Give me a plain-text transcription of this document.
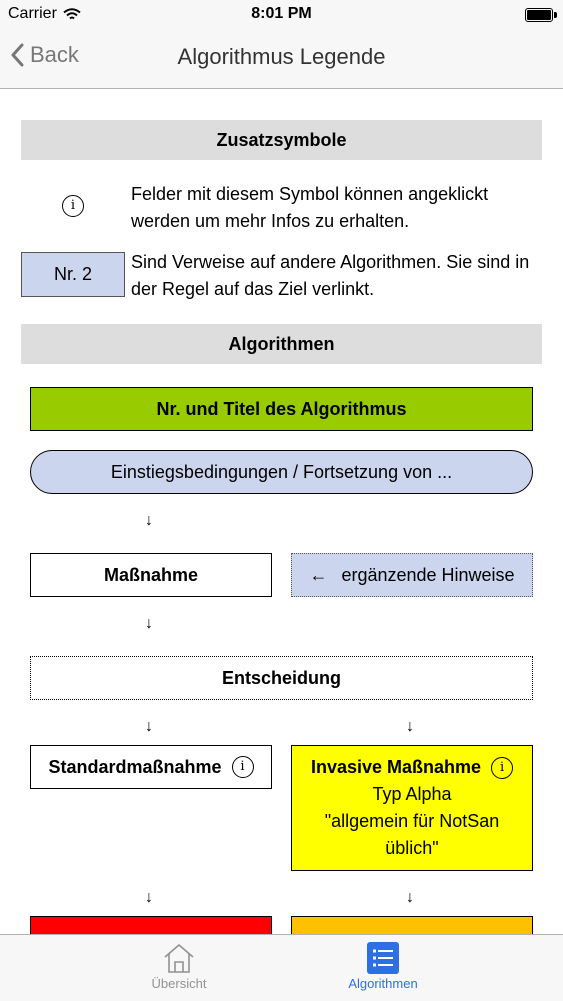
Carrier	8:01 PM
Back	Algorithmus Legende
Zusatzsymbole
i
Felder mit diesem Symbol können angeklickt werden um mehr Infos zu erhalten.
Nr. 2
Sind Verweise auf andere Algorithmen. Sie sind in der Regel auf das Ziel verlinkt.
Algorithmen
Nr. und Titel des Algorithmus
Einstiegsbedingungen / Fortsetzung von ...
↓
Maßnahme	← ergänzende Hinweise
↓
Entscheidung
↓	↓
Standardmaßnahme	i	Invasive Maßnahme	i
Typ Alpha
"allgemein für NotSan
üblich"
↓	↓
Übersicht	Algorithmen
